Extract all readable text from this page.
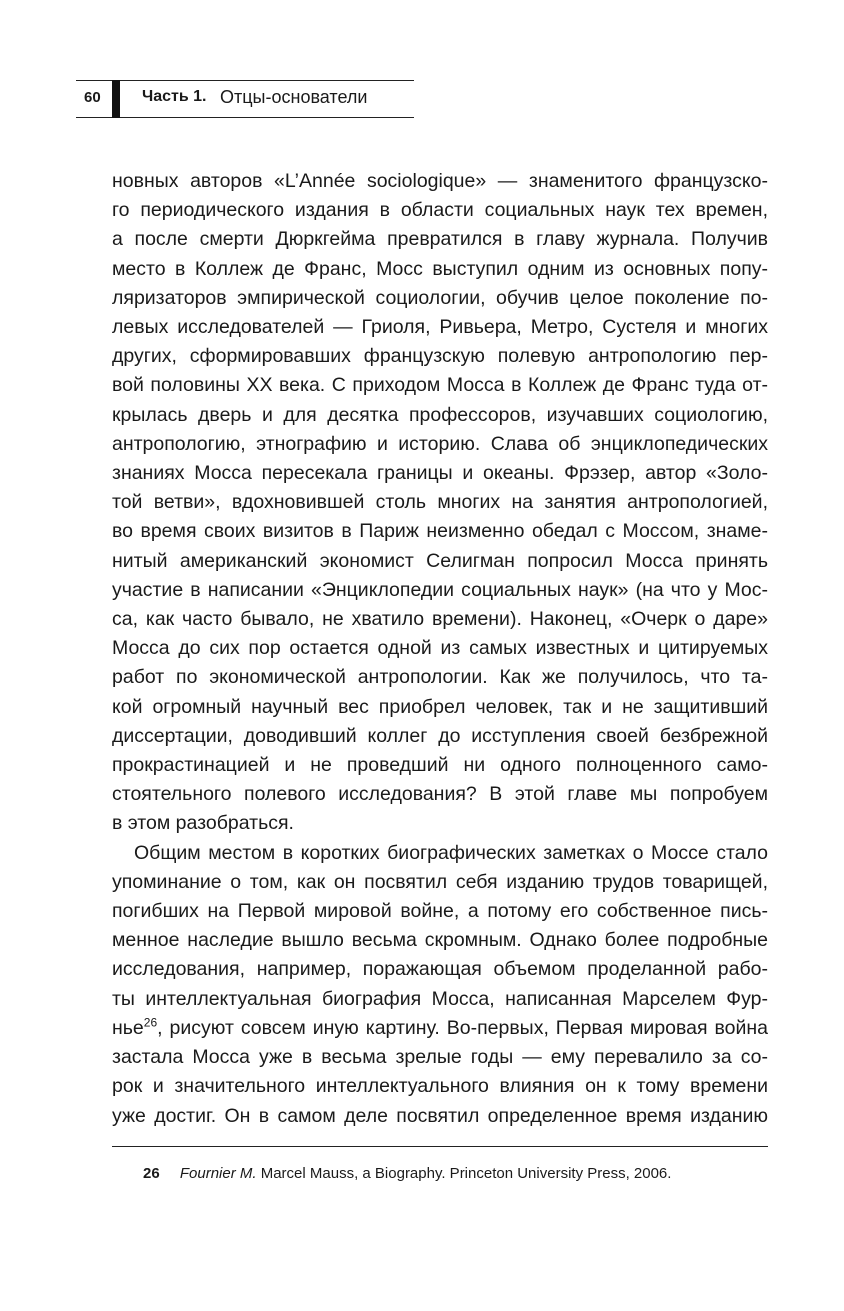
60	Часть 1. Отцы-основатели
новных авторов «L’Année sociologique» — знаменитого французско-
го периодического издания в области социальных наук тех времен,
а после смерти Дюркгейма превратился в главу журнала. Получив
место в Коллеж де Франс, Мосс выступил одним из основных попу-
ляризаторов эмпирической социологии, обучив целое поколение по-
левых исследователей — Гриоля, Ривьера, Метро, Сустеля и многих
других, сформировавших французскую полевую антропологию пер-
вой половины XX века. С приходом Мосса в Коллеж де Франс туда от-
крылась дверь и для десятка профессоров, изучавших социологию,
антропологию, этнографию и историю. Слава об энциклопедических
знаниях Мосса пересекала границы и океаны. Фрэзер, автор «Золо-
той ветви», вдохновившей столь многих на занятия антропологией,
во время своих визитов в Париж неизменно обедал с Моссом, знаме-
нитый американский экономист Селигман попросил Мосса принять
участие в написании «Энциклопедии социальных наук» (на что у Мос-
са, как часто бывало, не хватило времени). Наконец, «Очерк о даре»
Мосса до сих пор остается одной из самых известных и цитируемых
работ по экономической антропологии. Как же получилось, что та-
кой огромный научный вес приобрел человек, так и не защитивший
диссертации, доводивший коллег до исступления своей безбрежной
прокрастинацией и не проведший ни одного полноценного само-
стоятельного полевого исследования? В этой главе мы попробуем
в этом разобраться.
Общим местом в коротких биографических заметках о Моссе стало
упоминание о том, как он посвятил себя изданию трудов товарищей,
погибших на Первой мировой войне, а потому его собственное пись-
менное наследие вышло весьма скромным. Однако более подробные
исследования, например, поражающая объемом проделанной рабо-
ты интеллектуальная биография Мосса, написанная Марселем Фур-
нье$^{26}$, рисуют совсем иную картину. Во-первых, Первая мировая война
застала Мосса уже в весьма зрелые годы — ему перевалило за со-
рок и значительного интеллектуального влияния он к тому времени
уже достиг. Он в самом деле посвятил определенное время изданию
26 Fournier M. Marcel Mauss, a Biography. Princeton University Press, 2006.
